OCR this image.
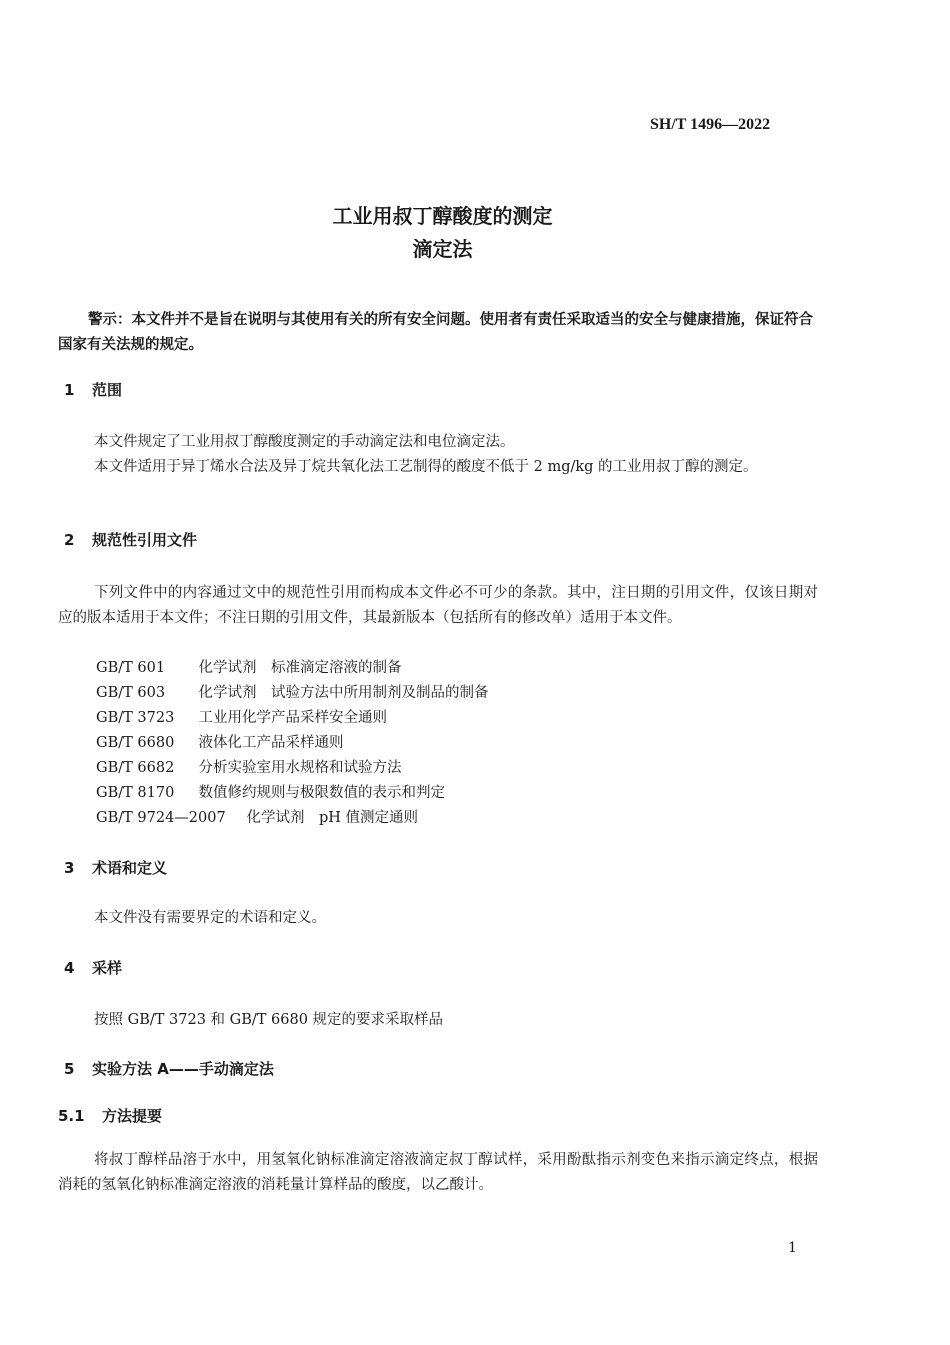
SH/T 1496—2022
工业用叔丁醇酸度的测定
滴定法
警示：本文件并不是旨在说明与其使用有关的所有安全问题。使用者有责任采取适当的安全与健康措施，保证符合国家有关法规的规定。
1 范围
本文件规定了工业用叔丁醇酸度测定的手动滴定法和电位滴定法。
本文件适用于异丁烯水合法及异丁烷共氧化法工艺制得的酸度不低于 2 mg/kg 的工业用叔丁醇的测定。
2 规范性引用文件
下列文件中的内容通过文中的规范性引用而构成本文件必不可少的条款。其中，注日期的引用文件，仅该日期对应的版本适用于本文件；不注日期的引用文件，其最新版本（包括所有的修改单）适用于本文件。
GB/T 601　 化学试剂　标准滴定溶液的制备
GB/T 603　 化学试剂　试验方法中所用制剂及制品的制备
GB/T 3723　 工业用化学产品采样安全通则
GB/T 6680　 液体化工产品采样通则
GB/T 6682　 分析实验室用水规格和试验方法
GB/T 8170　 数值修约规则与极限数值的表示和判定
GB/T 9724—2007　 化学试剂　pH 值测定通则
3 术语和定义
本文件没有需要界定的术语和定义。
4 采样
按照 GB/T 3723 和 GB/T 6680 规定的要求采取样品
5 实验方法 A——手动滴定法
5.1 方法提要
将叔丁醇样品溶于水中，用氢氧化钠标准滴定溶液滴定叔丁醇试样，采用酚酞指示剂变色来指示滴定终点，根据消耗的氢氧化钠标准滴定溶液的消耗量计算样品的酸度，以乙酸计。
1
